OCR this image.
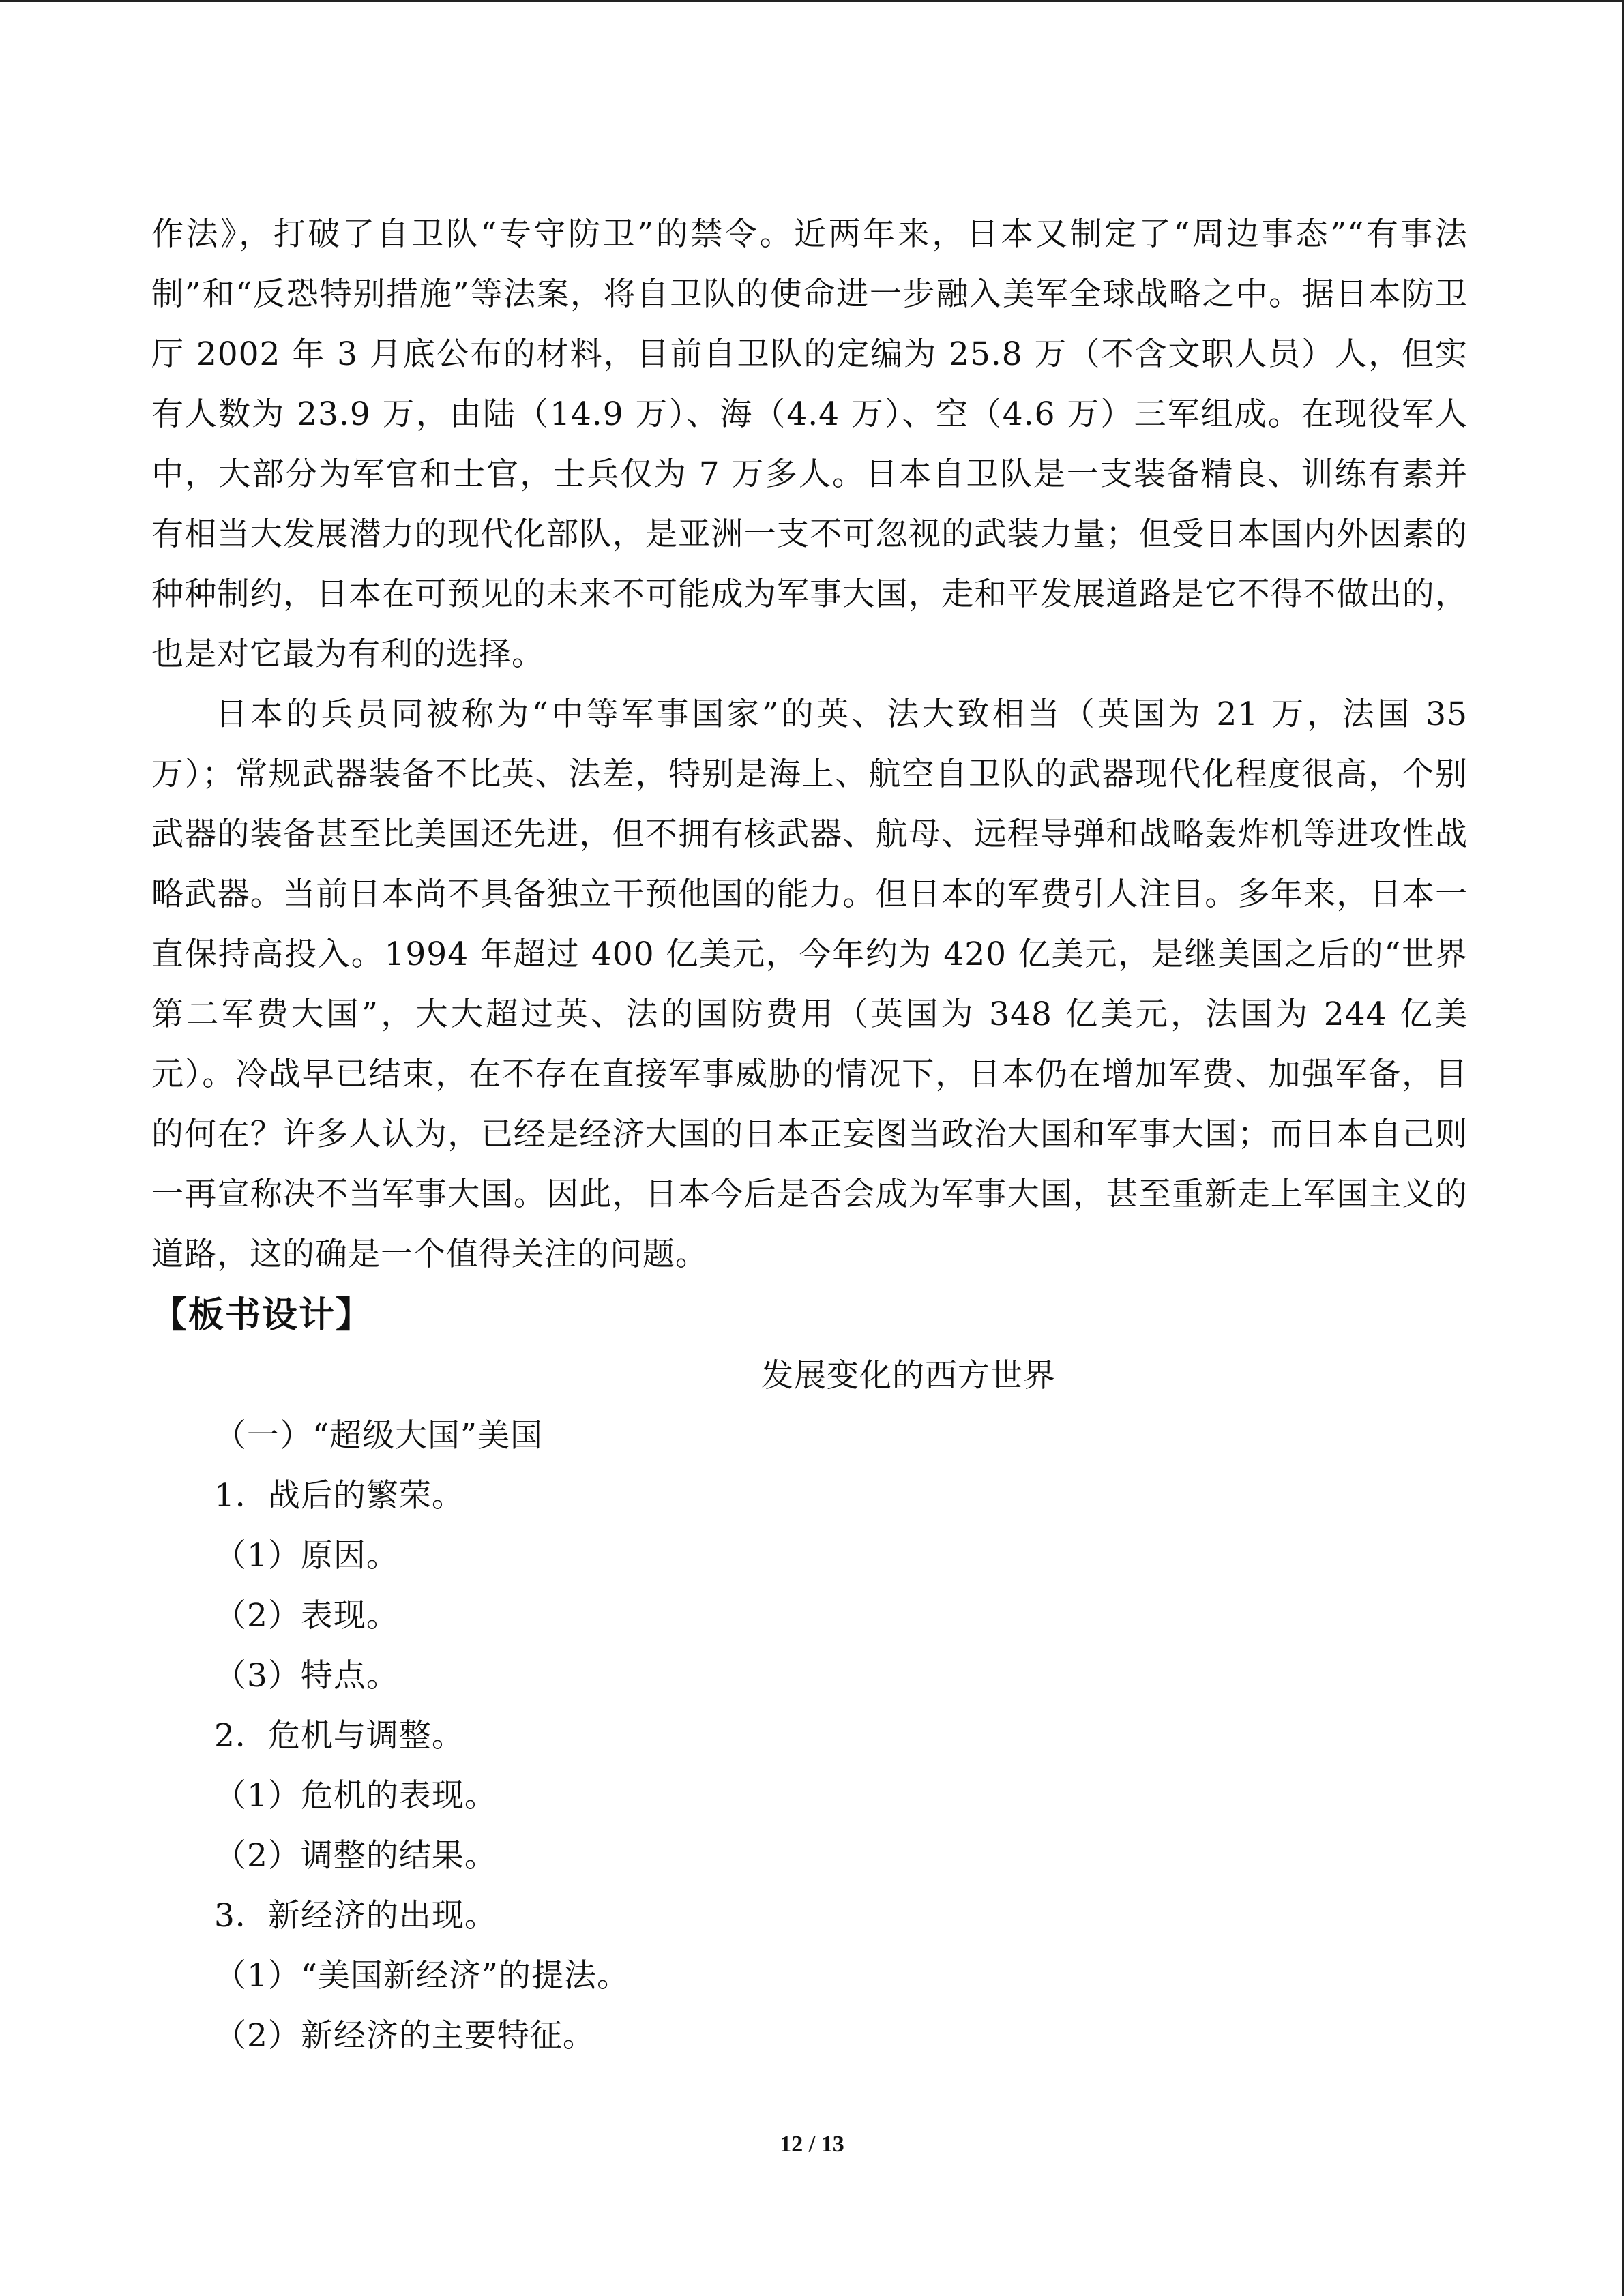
作法》，打破了自卫队“专守防卫”的禁令。近两年来，日本又制定了“周边事态”“有事法制”和“反恐特别措施”等法案，将自卫队的使命进一步融入美军全球战略之中。据日本防卫厅 2002 年 3 月底公布的材料，目前自卫队的定编为 25.8 万（不含文职人员）人，但实有人数为 23.9 万，由陆（14.9 万）、海（4.4 万）、空（4.6 万）三军组成。在现役军人中，大部分为军官和士官，士兵仅为 7 万多人。日本自卫队是一支装备精良、训练有素并有相当大发展潜力的现代化部队，是亚洲一支不可忽视的武装力量；但受日本国内外因素的种种制约，日本在可预见的未来不可能成为军事大国，走和平发展道路是它不得不做出的，也是对它最为有利的选择。

日本的兵员同被称为“中等军事国家”的英、法大致相当（英国为 21 万，法国 35 万）；常规武器装备不比英、法差，特别是海上、航空自卫队的武器现代化程度很高，个别武器的装备甚至比美国还先进，但不拥有核武器、航母、远程导弹和战略轰炸机等进攻性战略武器。当前日本尚不具备独立干预他国的能力。但日本的军费引人注目。多年来，日本一直保持高投入。1994 年超过 400 亿美元，今年约为 420 亿美元，是继美国之后的“世界第二军费大国”，大大超过英、法的国防费用（英国为 348 亿美元，法国为 244 亿美元）。冷战早已结束，在不存在直接军事威胁的情况下，日本仍在增加军费、加强军备，目的何在？许多人认为，已经是经济大国的日本正妄图当政治大国和军事大国；而日本自己则一再宣称决不当军事大国。因此，日本今后是否会成为军事大国，甚至重新走上军国主义的道路，这的确是一个值得关注的问题。

【板书设计】

发展变化的西方世界

（一）“超级大国”美国

1．战后的繁荣。

（1）原因。

（2）表现。

（3）特点。

2．危机与调整。

（1）危机的表现。

（2）调整的结果。

3．新经济的出现。

（1）“美国新经济”的提法。

（2）新经济的主要特征。

12 / 13
